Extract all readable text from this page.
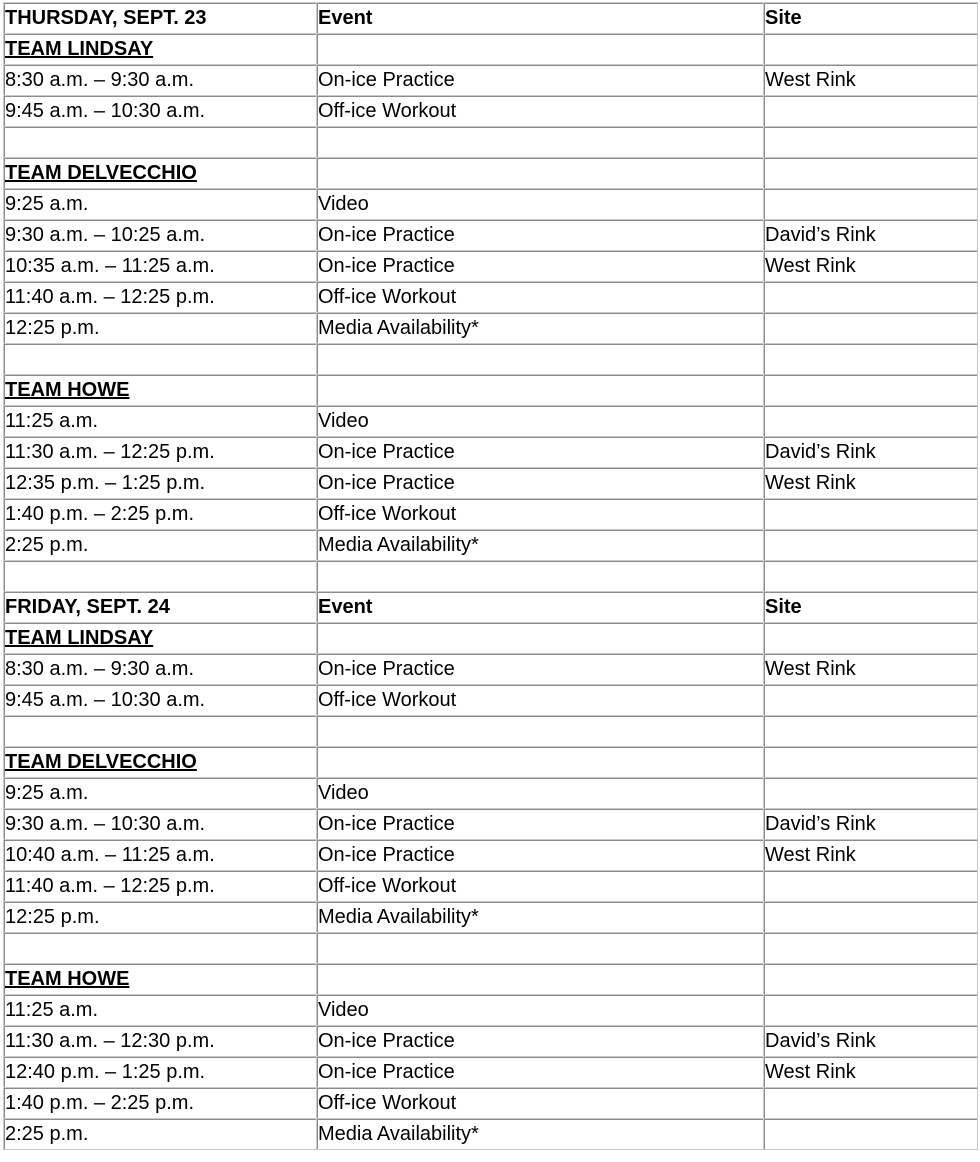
THURSDAY, SEPT. 23	Event	Site
TEAM LINDSAY		
8:30 a.m. – 9:30 a.m.	On-ice Practice	West Rink
9:45 a.m. – 10:30 a.m.	Off-ice Workout	

TEAM DELVECCHIO		
9:25 a.m.	Video	
9:30 a.m. – 10:25 a.m.	On-ice Practice	David’s Rink
10:35 a.m. – 11:25 a.m.	On-ice Practice	West Rink
11:40 a.m. – 12:25 p.m.	Off-ice Workout	
12:25 p.m.	Media Availability*	

TEAM HOWE		
11:25 a.m.	Video	
11:30 a.m. – 12:25 p.m.	On-ice Practice	David’s Rink
12:35 p.m. – 1:25 p.m.	On-ice Practice	West Rink
1:40 p.m. – 2:25 p.m.	Off-ice Workout	
2:25 p.m.	Media Availability*	

FRIDAY, SEPT. 24	Event	Site
TEAM LINDSAY		
8:30 a.m. – 9:30 a.m.	On-ice Practice	West Rink
9:45 a.m. – 10:30 a.m.	Off-ice Workout	

TEAM DELVECCHIO		
9:25 a.m.	Video	
9:30 a.m. – 10:30 a.m.	On-ice Practice	David’s Rink
10:40 a.m. – 11:25 a.m.	On-ice Practice	West Rink
11:40 a.m. – 12:25 p.m.	Off-ice Workout	
12:25 p.m.	Media Availability*	

TEAM HOWE		
11:25 a.m.	Video	
11:30 a.m. – 12:30 p.m.	On-ice Practice	David’s Rink
12:40 p.m. – 1:25 p.m.	On-ice Practice	West Rink
1:40 p.m. – 2:25 p.m.	Off-ice Workout	
2:25 p.m.	Media Availability*	
